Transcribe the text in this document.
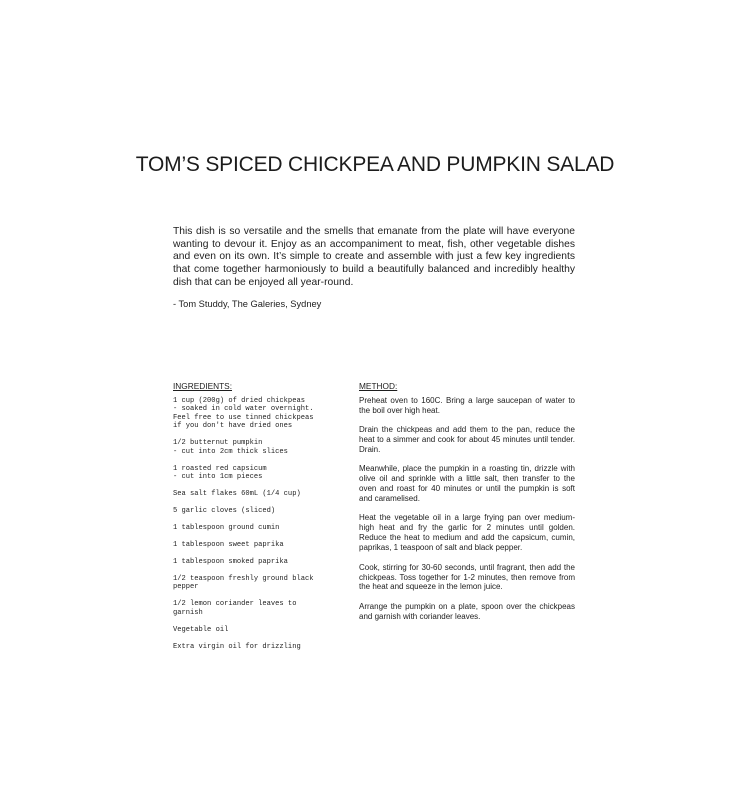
TOM’S SPICED CHICKPEA AND PUMPKIN SALAD

This dish is so versatile and the smells that emanate from the plate will have everyone wanting to devour it. Enjoy as an accompaniment to meat, fish, other vegetable dishes and even on its own. It’s simple to create and assemble with just a few key ingredients that come together harmoniously to build a beautifully balanced and incredibly healthy dish that can be enjoyed all year-round.

- Tom Studdy, The Galeries, Sydney

INGREDIENTS:	METHOD:
1 cup (200g) of dried chickpeas
- soaked in cold water overnight.
Feel free to use tinned chickpeas
if you don't have dried ones
1/2 butternut pumpkin
- cut into 2cm thick slices
1 roasted red capsicum
- cut into 1cm pieces
Sea salt flakes 60mL (1/4 cup)
5 garlic cloves (sliced)
1 tablespoon ground cumin
1 tablespoon sweet paprika
1 tablespoon smoked paprika
1/2 teaspoon freshly ground black
pepper
1/2 lemon coriander leaves to
garnish
Vegetable oil
Extra virgin oil for drizzling

Preheat oven to 160C. Bring a large saucepan of water to the boil over high heat.

Drain the chickpeas and add them to the pan, reduce the heat to a simmer and cook for about 45 minutes until tender. Drain.

Meanwhile, place the pumpkin in a roasting tin, drizzle with olive oil and sprinkle with a little salt, then transfer to the oven and roast for 40 minutes or until the pumpkin is soft and caramelised.

Heat the vegetable oil in a large frying pan over medium-high heat and fry the garlic for 2 minutes until golden. Reduce the heat to medium and add the capsicum, cumin, paprikas, 1 teaspoon of salt and black pepper.

Cook, stirring for 30-60 seconds, until fragrant, then add the chickpeas. Toss together for 1-2 minutes, then remove from the heat and squeeze in the lemon juice.

Arrange the pumpkin on a plate, spoon over the chickpeas and garnish with coriander leaves.
